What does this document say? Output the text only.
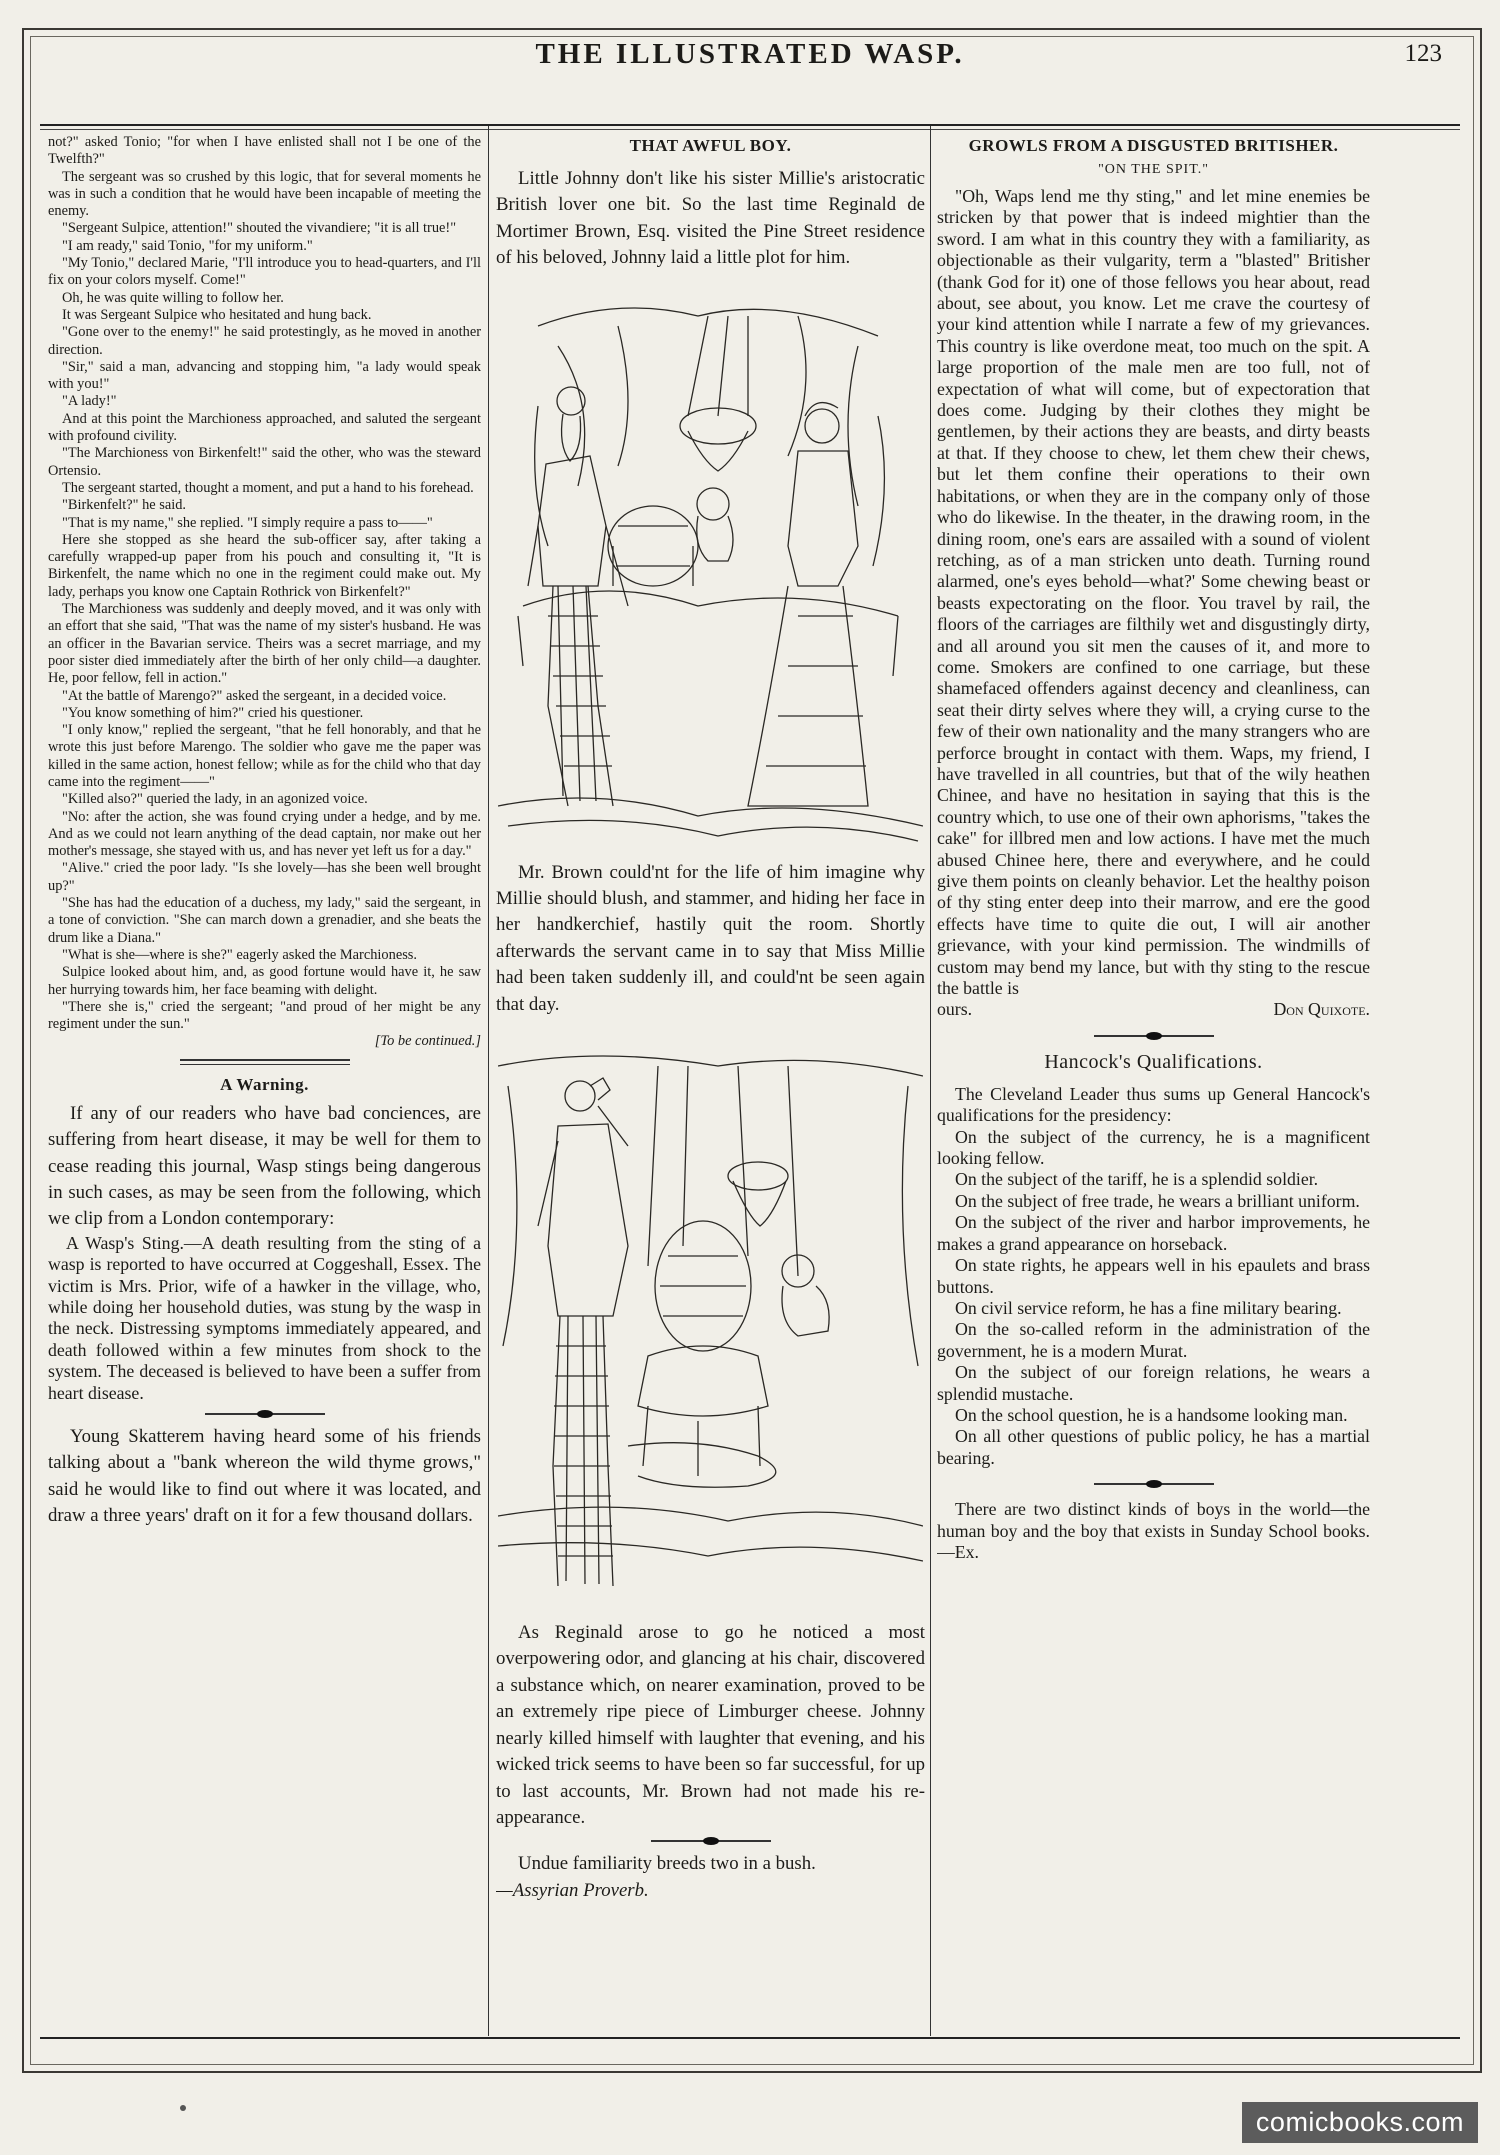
THE ILLUSTRATED WASP.	123

not?" asked Tonio; "for when I have enlisted shall not I be one of the Twelfth?"

The sergeant was so crushed by this logic, that for several moments he was in such a condition that he would have been incapable of meeting the enemy.

"Sergeant Sulpice, attention!" shouted the vivandiere; "it is all true!"

"I am ready," said Tonio, "for my uniform."

"My Tonio," declared Marie, "I'll introduce you to head-quarters, and I'll fix on your colors myself. Come!"

Oh, he was quite willing to follow her.

It was Sergeant Sulpice who hesitated and hung back.

"Gone over to the enemy!" he said protestingly, as he moved in another direction.

"Sir," said a man, advancing and stopping him, "a lady would speak with you!"

"A lady!"

And at this point the Marchioness approached, and saluted the sergeant with profound civility.

"The Marchioness von Birkenfelt!" said the other, who was the steward Ortensio.

The sergeant started, thought a moment, and put a hand to his forehead.

"Birkenfelt?" he said.

"That is my name," she replied. "I simply require a pass to——"

Here she stopped as she heard the sub-officer say, after taking a carefully wrapped-up paper from his pouch and consulting it, "It is Birkenfelt, the name which no one in the regiment could make out. My lady, perhaps you know one Captain Rothrick von Birkenfelt?"

The Marchioness was suddenly and deeply moved, and it was only with an effort that she said, "That was the name of my sister's husband. He was an officer in the Bavarian service. Theirs was a secret marriage, and my poor sister died immediately after the birth of her only child—a daughter. He, poor fellow, fell in action."

"At the battle of Marengo?" asked the sergeant, in a decided voice.

"You know something of him?" cried his questioner.

"I only know," replied the sergeant, "that he fell honorably, and that he wrote this just before Marengo. The soldier who gave me the paper was killed in the same action, honest fellow; while as for the child who that day came into the regiment——"

"Killed also?" queried the lady, in an agonized voice.

"No: after the action, she was found crying under a hedge, and by me. And as we could not learn anything of the dead captain, nor make out her mother's message, she stayed with us, and has never yet left us for a day."

"Alive." cried the poor lady. "Is she lovely—has she been well brought up?"

"She has had the education of a duchess, my lady," said the sergeant, in a tone of conviction. "She can march down a grenadier, and she beats the drum like a Diana."

"What is she—where is she?" eagerly asked the Marchioness.

Sulpice looked about him, and, as good fortune would have it, he saw her hurrying towards him, her face beaming with delight.

"There she is," cried the sergeant; "and proud of her might be any regiment under the sun."

[To be continued.]

A Warning.

If any of our readers who have bad conciences, are suffering from heart disease, it may be well for them to cease reading this journal, Wasp stings being dangerous in such cases, as may be seen from the following, which we clip from a London contemporary:

A Wasp's Sting.—A death resulting from the sting of a wasp is reported to have occurred at Coggeshall, Essex. The victim is Mrs. Prior, wife of a hawker in the village, who, while doing her household duties, was stung by the wasp in the neck. Distressing symptoms immediately appeared, and death followed within a few minutes from shock to the system. The deceased is believed to have been a suffer from heart disease.

Young Skatterem having heard some of his friends talking about a "bank whereon the wild thyme grows," said he would like to find out where it was located, and draw a three years' draft on it for a few thousand dollars.

THAT AWFUL BOY.

Little Johnny don't like his sister Millie's aristocratic British lover one bit. So the last time Reginald de Mortimer Brown, Esq. visited the Pine Street residence of his beloved, Johnny laid a little plot for him.

Mr. Brown could'nt for the life of him imagine why Millie should blush, and stammer, and hiding her face in her handkerchief, hastily quit the room. Shortly afterwards the servant came in to say that Miss Millie had been taken suddenly ill, and could'nt be seen again that day.

As Reginald arose to go he noticed a most overpowering odor, and glancing at his chair, discovered a substance which, on nearer examination, proved to be an extremely ripe piece of Limburger cheese. Johnny nearly killed himself with laughter that evening, and his wicked trick seems to have been so far successful, for up to last accounts, Mr. Brown had not made his re-appearance.

Undue familiarity breeds two in a bush.

—Assyrian Proverb.

GROWLS FROM A DISGUSTED BRITISHER.
"ON THE SPIT."

"Oh, Waps lend me thy sting," and let mine enemies be stricken by that power that is indeed mightier than the sword. I am what in this country they with a familiarity, as objectionable as their vulgarity, term a "blasted" Britisher (thank God for it) one of those fellows you hear about, read about, see about, you know. Let me crave the courtesy of your kind attention while I narrate a few of my grievances. This country is like overdone meat, too much on the spit. A large proportion of the male men are too full, not of expectation of what will come, but of expectoration that does come. Judging by their clothes they might be gentlemen, by their actions they are beasts, and dirty beasts at that. If they choose to chew, let them chew their chews, but let them confine their operations to their own habitations, or when they are in the company only of those who do likewise. In the theater, in the drawing room, in the dining room, one's ears are assailed with a sound of violent retching, as of a man stricken unto death. Turning round alarmed, one's eyes behold—what?' Some chewing beast or beasts expectorating on the floor. You travel by rail, the floors of the carriages are filthily wet and disgustingly dirty, and all around you sit men the causes of it, and more to come. Smokers are confined to one carriage, but these shamefaced offenders against decency and cleanliness, can seat their dirty selves where they will, a crying curse to the few of their own nationality and the many strangers who are perforce brought in contact with them. Waps, my friend, I have travelled in all countries, but that of the wily heathen Chinee, and have no hesitation in saying that this is the country which, to use one of their own aphorisms, "takes the cake" for illbred men and low actions. I have met the much abused Chinee here, there and everywhere, and he could give them points on cleanly behavior. Let the healthy poison of thy sting enter deep into their marrow, and ere the good effects have time to quite die out, I will air another grievance, with your kind permission. The windmills of custom may bend my lance, but with thy sting to the rescue the battle is

ours.	Don Quixote.

Hancock's Qualifications.

The Cleveland Leader thus sums up General Hancock's qualifications for the presidency:

On the subject of the currency, he is a magnificent looking fellow.

On the subject of the tariff, he is a splendid soldier.

On the subject of free trade, he wears a brilliant uniform.

On the subject of the river and harbor improvements, he makes a grand appearance on horseback.

On state rights, he appears well in his epaulets and brass buttons.

On civil service reform, he has a fine military bearing.

On the so-called reform in the administration of the government, he is a modern Murat.

On the subject of our foreign relations, he wears a splendid mustache.

On the school question, he is a handsome looking man.

On all other questions of public policy, he has a martial bearing.

There are two distinct kinds of boys in the world—the human boy and the boy that exists in Sunday School books.—Ex.

comicbooks.com
